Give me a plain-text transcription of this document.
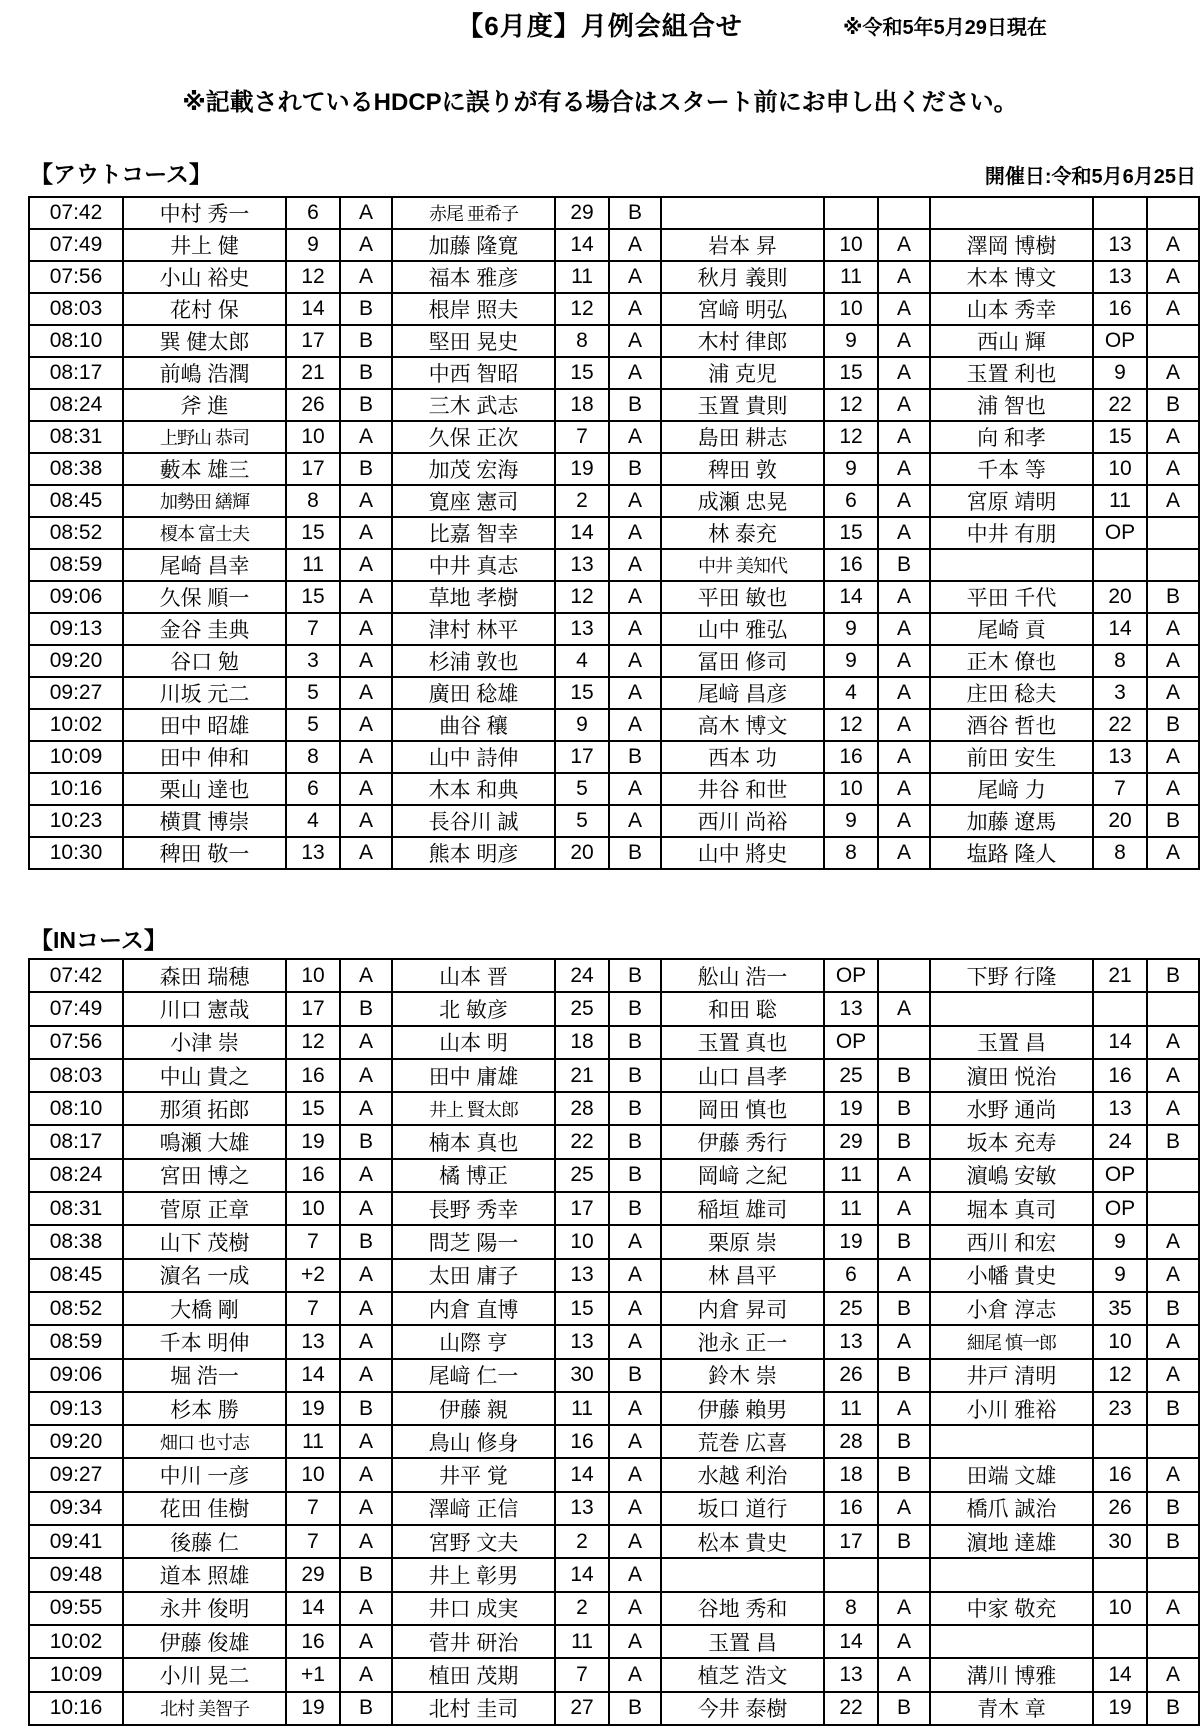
【6月度】月例会組合せ	※令和5年5月29日現在
※記載されているHDCPに誤りが有る場合はスタート前にお申し出ください。
【アウトコース】	開催日:令和5月6月25日
07:42	中村 秀一	6	A	赤尾 亜希子	29	B						
07:49	井上 健	9	A	加藤 隆寛	14	A	岩本 昇	10	A	澤岡 博樹	13	A
07:56	小山 裕史	12	A	福本 雅彦	11	A	秋月 義則	11	A	木本 博文	13	A
08:03	花村 保	14	B	根岸 照夫	12	A	宮﨑 明弘	10	A	山本 秀幸	16	A
08:10	巽 健太郎	17	B	堅田 晃史	8	A	木村 律郎	9	A	西山 輝	OP	
08:17	前嶋 浩潤	21	B	中西 智昭	15	A	浦 克児	15	A	玉置 利也	9	A
08:24	斧 進	26	B	三木 武志	18	B	玉置 貴則	12	A	浦 智也	22	B
08:31	上野山 恭司	10	A	久保 正次	7	A	島田 耕志	12	A	向 和孝	15	A
08:38	藪本 雄三	17	B	加茂 宏海	19	B	稗田 敦	9	A	千本 等	10	A
08:45	加勢田 繕輝	8	A	寛座 憲司	2	A	成瀬 忠晃	6	A	宮原 靖明	11	A
08:52	榎本 富士夫	15	A	比嘉 智幸	14	A	林 泰充	15	A	中井 有朋	OP	
08:59	尾崎 昌幸	11	A	中井 真志	13	A	中井 美知代	16	B			
09:06	久保 順一	15	A	草地 孝樹	12	A	平田 敏也	14	A	平田 千代	20	B
09:13	金谷 圭典	7	A	津村 林平	13	A	山中 雅弘	9	A	尾崎 貢	14	A
09:20	谷口 勉	3	A	杉浦 敦也	4	A	冨田 修司	9	A	正木 僚也	8	A
09:27	川坂 元二	5	A	廣田 稔雄	15	A	尾﨑 昌彦	4	A	庄田 稔夫	3	A
10:02	田中 昭雄	5	A	曲谷 穰	9	A	高木 博文	12	A	酒谷 哲也	22	B
10:09	田中 伸和	8	A	山中 詩伸	17	B	西本 功	16	A	前田 安生	13	A
10:16	栗山 達也	6	A	木本 和典	5	A	井谷 和世	10	A	尾﨑 力	7	A
10:23	横貫 博崇	4	A	長谷川 誠	5	A	西川 尚裕	9	A	加藤 遼馬	20	B
10:30	稗田 敬一	13	A	熊本 明彦	20	B	山中 將史	8	A	塩路 隆人	8	A
【INコース】
07:42	森田 瑞穂	10	A	山本 晋	24	B	舩山 浩一	OP		下野 行隆	21	B
07:49	川口 憲哉	17	B	北 敏彦	25	B	和田 聡	13	A			
07:56	小津 崇	12	A	山本 明	18	B	玉置 真也	OP		玉置 昌	14	A
08:03	中山 貴之	16	A	田中 庸雄	21	B	山口 昌孝	25	B	濵田 悦治	16	A
08:10	那須 拓郎	15	A	井上 賢太郎	28	B	岡田 慎也	19	B	水野 通尚	13	A
08:17	鳴瀬 大雄	19	B	楠本 真也	22	B	伊藤 秀行	29	B	坂本 充寿	24	B
08:24	宮田 博之	16	A	橘 博正	25	B	岡﨑 之紀	11	A	濵嶋 安敏	OP	
08:31	菅原 正章	10	A	長野 秀幸	17	B	稲垣 雄司	11	A	堀本 真司	OP	
08:38	山下 茂樹	7	B	問芝 陽一	10	A	栗原 崇	19	B	西川 和宏	9	A
08:45	濵名 一成	+2	A	太田 庸子	13	A	林 昌平	6	A	小幡 貴史	9	A
08:52	大橋 剛	7	A	内倉 直博	15	A	内倉 昇司	25	B	小倉 淳志	35	B
08:59	千本 明伸	13	A	山際 亨	13	A	池永 正一	13	A	細尾 慎一郎	10	A
09:06	堀 浩一	14	A	尾﨑 仁一	30	B	鈴木 崇	26	B	井戸 清明	12	A
09:13	杉本 勝	19	B	伊藤 親	11	A	伊藤 賴男	11	A	小川 雅裕	23	B
09:20	畑口 也寸志	11	A	鳥山 修身	16	A	荒巻 広喜	28	B			
09:27	中川 一彦	10	A	井平 覚	14	A	水越 利治	18	B	田端 文雄	16	A
09:34	花田 佳樹	7	A	澤﨑 正信	13	A	坂口 道行	16	A	橋爪 誠治	26	B
09:41	後藤 仁	7	A	宮野 文夫	2	A	松本 貴史	17	B	濵地 達雄	30	B
09:48	道本 照雄	29	B	井上 彰男	14	A						
09:55	永井 俊明	14	A	井口 成実	2	A	谷地 秀和	8	A	中家 敬充	10	A
10:02	伊藤 俊雄	16	A	菅井 研治	11	A	玉置 昌	14	A			
10:09	小川 晃二	+1	A	植田 茂期	7	A	植芝 浩文	13	A	溝川 博雅	14	A
10:16	北村 美智子	19	B	北村 圭司	27	B	今井 泰樹	22	B	青木 章	19	B
